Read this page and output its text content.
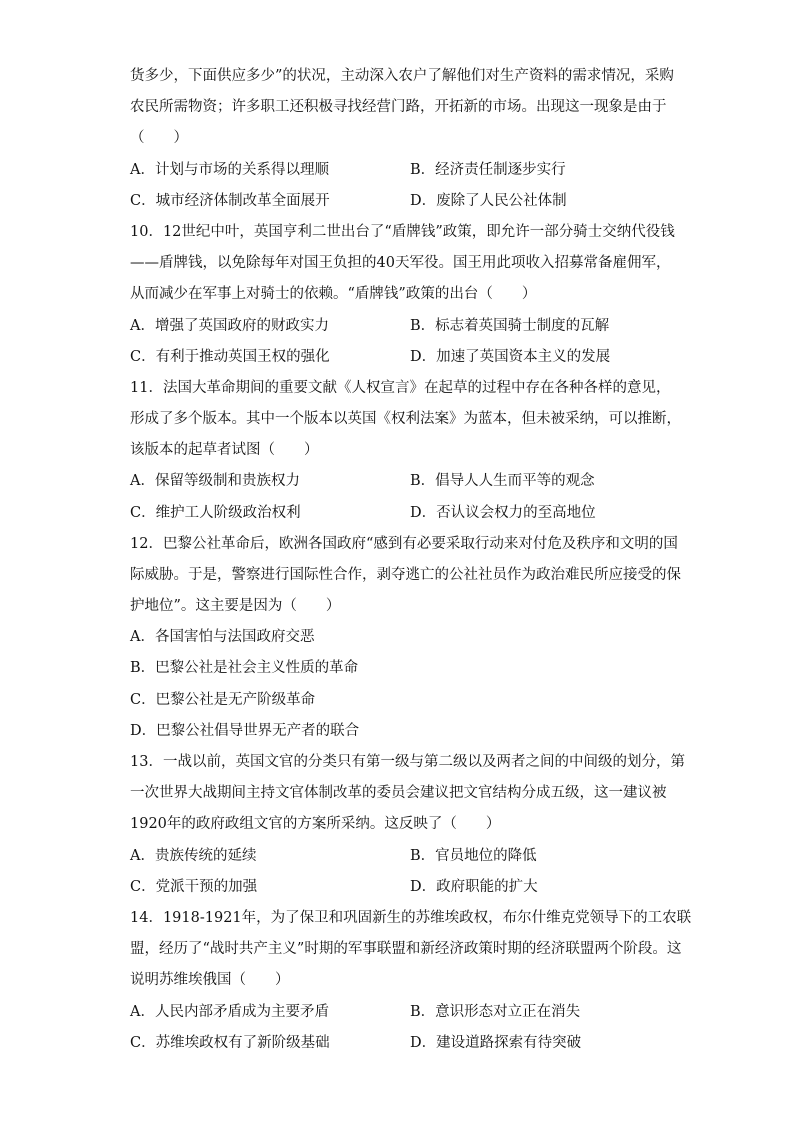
货多少，下面供应多少”的状况，主动深入农户了解他们对生产资料的需求情况，采购
农民所需物资；许多职工还积极寻找经营门路，开拓新的市场。出现这一现象是由于
（　　）
A．计划与市场的关系得以理顺	B．经济责任制逐步实行
C．城市经济体制改革全面展开	D．废除了人民公社体制
10．12世纪中叶，英国亨利二世出台了“盾牌钱”政策，即允许一部分骑士交纳代役钱
——盾牌钱，以免除每年对国王负担的40天军役。国王用此项收入招募常备雇佣军，
从而减少在军事上对骑士的依赖。“盾牌钱”政策的出台（　　）
A．增强了英国政府的财政实力	B．标志着英国骑士制度的瓦解
C．有利于推动英国王权的强化	D．加速了英国资本主义的发展
11．法国大革命期间的重要文献《人权宣言》在起草的过程中存在各种各样的意见，
形成了多个版本。其中一个版本以英国《权利法案》为蓝本，但未被采纳，可以推断，
该版本的起草者试图（　　）
A．保留等级制和贵族权力	B．倡导人人生而平等的观念
C．维护工人阶级政治权利	D．否认议会权力的至高地位
12．巴黎公社革命后，欧洲各国政府“感到有必要采取行动来对付危及秩序和文明的国
际威胁。于是，警察进行国际性合作，剥夺逃亡的公社社员作为政治难民所应接受的保
护地位”。这主要是因为（　　）
A．各国害怕与法国政府交恶
B．巴黎公社是社会主义性质的革命
C．巴黎公社是无产阶级革命
D．巴黎公社倡导世界无产者的联合
13．一战以前，英国文官的分类只有第一级与第二级以及两者之间的中间级的划分，第
一次世界大战期间主持文官体制改革的委员会建议把文官结构分成五级，这一建议被
1920年的政府政组文官的方案所采纳。这反映了（　　）
A．贵族传统的延续	B．官员地位的降低
C．党派干预的加强	D．政府职能的扩大
14．1918-1921年，为了保卫和巩固新生的苏维埃政权，布尔什维克党领导下的工农联
盟，经历了“战时共产主义”时期的军事联盟和新经济政策时期的经济联盟两个阶段。这
说明苏维埃俄国（　　）
A．人民内部矛盾成为主要矛盾	B．意识形态对立正在消失
C．苏维埃政权有了新阶级基础	D．建设道路探索有待突破
